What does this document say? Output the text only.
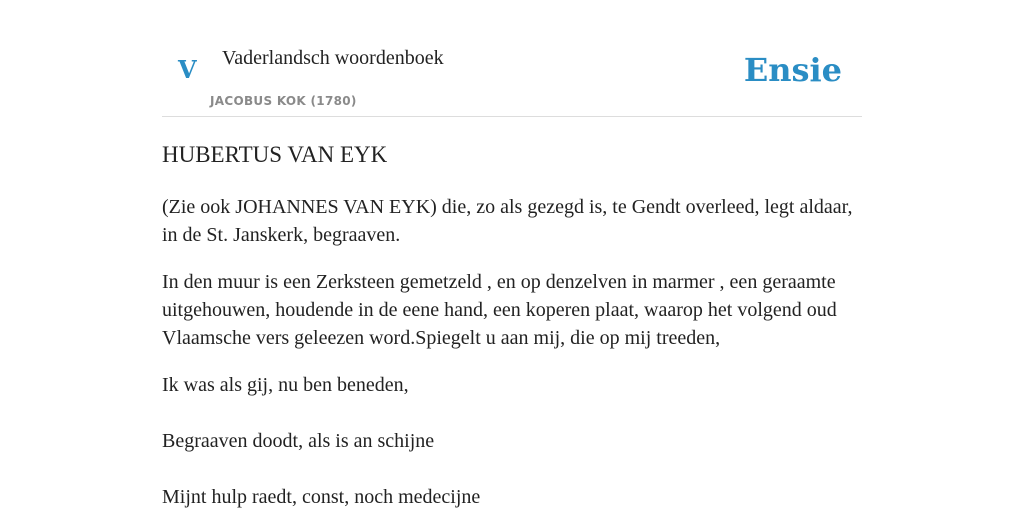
V Vaderlandsch woordenboek
JACOBUS KOK (1780)
Ensie
HUBERTUS VAN EYK

(Zie ook JOHANNES VAN EYK) die, zo als gezegd is, te Gendt overleed, legt aldaar, in de St. Janskerk, begraaven.

In den muur is een Zerksteen gemetzeld , en op denzelven in marmer , een geraamte uitgehouwen, houdende in de eene hand, een koperen plaat, waarop het volgend oud Vlaamsche vers geleezen word.Spiegelt u aan mij, die op mij treeden,

Ik was als gij, nu ben beneden,

Begraaven doodt, als is an schijne

Mijnt hulp raedt, const, noch medecijne
